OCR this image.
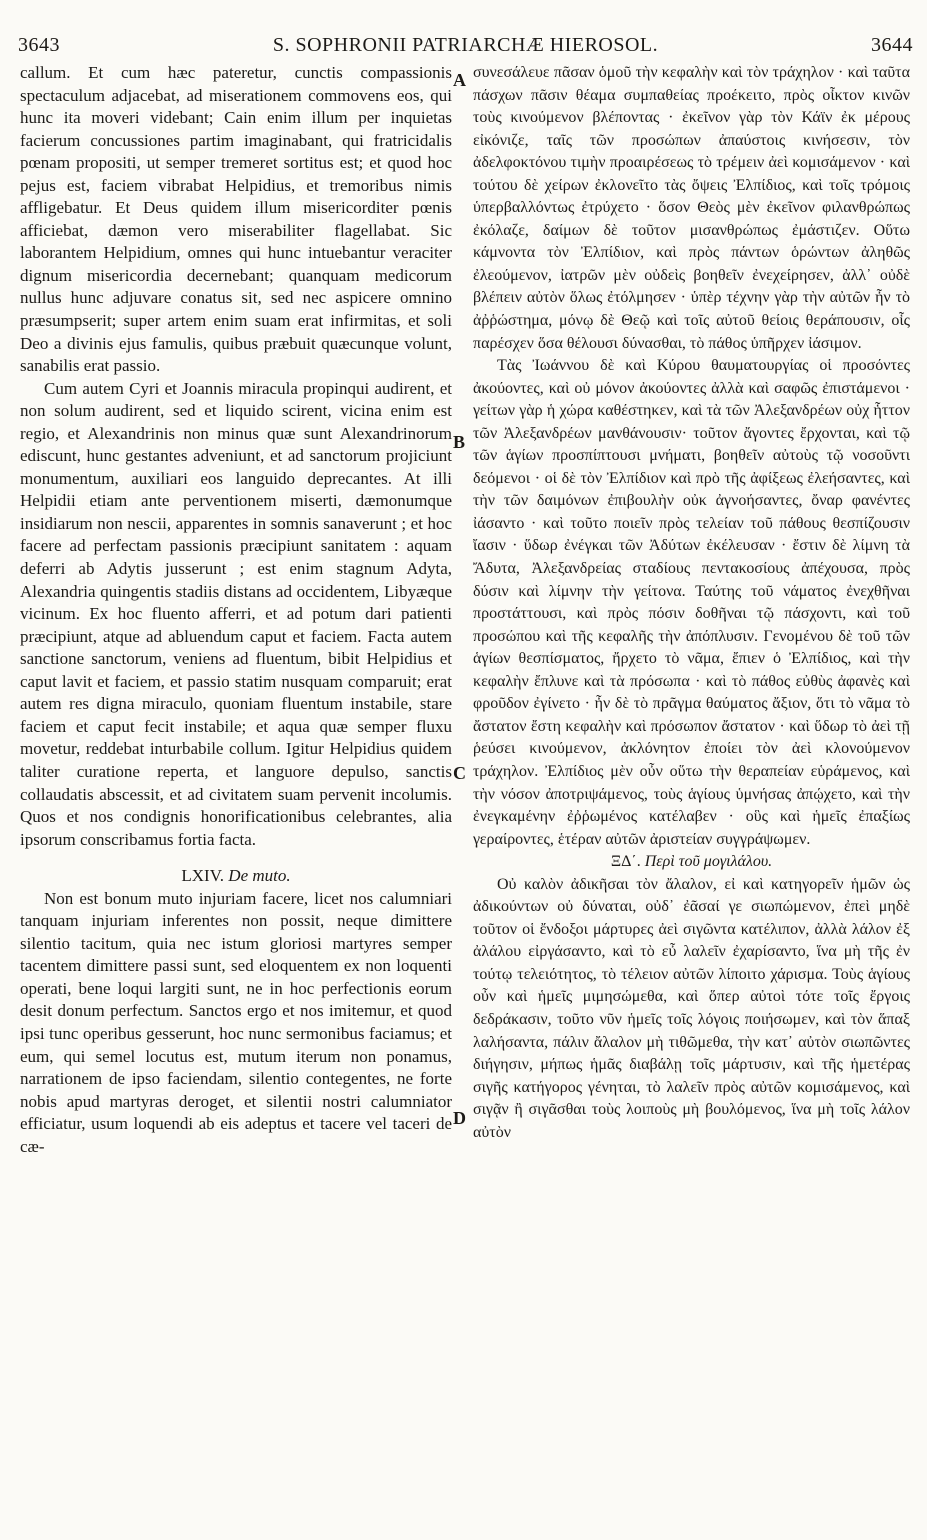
3643	S. SOPHRONII PATRIARCHÆ HIEROSOL.	3644

callum. Et cum hæc pateretur, cunctis compassionis spectaculum adjacebat, ad miserationem commovens eos, qui hunc ita moveri videbant; Cain enim illum per inquietas facierum concussiones partim imaginabant, qui fratricidalis pœnam propositi, ut semper tremeret sortitus est; et quod hoc pejus est, faciem vibrabat Helpidius, et tremoribus nimis affligebatur. Et Deus quidem illum misericorditer pœnis afficiebat, dæmon vero miserabiliter flagellabat. Sic laborantem Helpidium, omnes qui hunc intuebantur veraciter dignum misericordia decernebant; quanquam medicorum nullus hunc adjuvare conatus sit, sed nec aspicere omnino præsumpserit; super artem enim suam erat infirmitas, et soli Deo a divinis ejus famulis, quibus præbuit quæcunque volunt, sanabilis erat passio.

Cum autem Cyri et Joannis miracula propinqui audirent, et non solum audirent, sed et liquido scirent, vicina enim est regio, et Alexandrinis non minus quæ sunt Alexandrinorum ediscunt, hunc gestantes adveniunt, et ad sanctorum projiciunt monumentum, auxiliari eos languido deprecantes. At illi Helpidii etiam ante perventionem miserti, dæmonumque insidiarum non nescii, apparentes in somnis sanaverunt ; et hoc facere ad perfectam passionis præcipiunt sanitatem : aquam deferri ab Adytis jusserunt ; est enim stagnum Adyta, Alexandria quingentis stadiis distans ad occidentem, Libyæque vicinum. Ex hoc fluento afferri, et ad potum dari patienti præcipiunt, atque ad abluendum caput et faciem. Facta autem sanctione sanctorum, veniens ad fluentum, bibit Helpidius et caput lavit et faciem, et passio statim nusquam comparuit; erat autem res digna miraculo, quoniam fluentum instabile, stare faciem et caput fecit instabile; et aqua quæ semper fluxu movetur, reddebat inturbabile collum. Igitur Helpidius quidem taliter curatione reperta, et languore depulso, sanctis collaudatis abscessit, et ad civitatem suam pervenit incolumis. Quos et nos condignis honorificationibus celebrantes, alia ipsorum conscribamus fortia facta.

LXIV. De muto.

Non est bonum muto injuriam facere, licet nos calumniari tanquam injuriam inferentes non possit, neque dimittere silentio tacitum, quia nec istum gloriosi martyres semper tacentem dimittere passi sunt, sed eloquentem ex non loquenti operati, bene loqui largiti sunt, ne in hoc perfectionis eorum desit donum perfectum. Sanctos ergo et nos imitemur, et quod ipsi tunc operibus gesserunt, hoc nunc sermonibus faciamus; et eum, qui semel locutus est, mutum iterum non ponamus, narrationem de ipso faciendam, silentio contegentes, ne forte nobis apud martyras deroget, et silentii nostri calumniator efficiatur, usum loquendi ab eis adeptus et tacere vel taceri de cæ-

A
B
C
D

συνεσάλευε πᾶσαν ὁμοῦ τὴν κεφαλὴν καὶ τὸν τράχηλον · καὶ ταῦτα πάσχων πᾶσιν θέαμα συμπαθείας προέκειτο, πρὸς οἶκτον κινῶν τοὺς κινούμενον βλέποντας · ἐκεῖνον γὰρ τὸν Κάϊν ἐκ μέρους εἰκόνιζε, ταῖς τῶν προσώπων ἀπαύστοις κινήσεσιν, τὸν ἀδελφοκτόνου τιμὴν προαιρέσεως τὸ τρέμειν ἀεὶ κομισάμενον · καὶ τούτου δὲ χείρων ἐκλονεῖτο τὰς ὄψεις Ἐλπίδιος, καὶ τοῖς τρόμοις ὑπερβαλλόντως ἐτρύχετο · ὅσον Θεὸς μὲν ἐκεῖνον φιλανθρώπως ἐκόλαζε, δαίμων δὲ τοῦτον μισανθρώπως ἐμάστιζεν. Οὕτω κάμνοντα τὸν Ἐλπίδιον, καὶ πρὸς πάντων ὁρώντων ἀληθῶς ἐλεούμενον, ἰατρῶν μὲν οὐδεὶς βοηθεῖν ἐνεχείρησεν, ἀλλ᾽ οὐδὲ βλέπειν αὐτὸν ὅλως ἐτόλμησεν · ὑπὲρ τέχνην γὰρ τὴν αὐτῶν ἦν τὸ ἀῤῥώστημα, μόνῳ δὲ Θεῷ καὶ τοῖς αὐτοῦ θείοις θεράπουσιν, οἷς παρέσχεν ὅσα θέλουσι δύνασθαι, τὸ πάθος ὑπῆρχεν ἰάσιμον.

Τὰς Ἰωάννου δὲ καὶ Κύρου θαυματουργίας οἱ προσόντες ἀκούοντες, καὶ οὐ μόνον ἀκούοντες ἀλλὰ καὶ σαφῶς ἐπιστάμενοι · γείτων γὰρ ἡ χώρα καθέστηκεν, καὶ τὰ τῶν Ἀλεξανδρέων οὐχ ἧττον τῶν Ἀλεξανδρέων μανθάνουσιν· τοῦτον ἄγοντες ἔρχονται, καὶ τῷ τῶν ἁγίων προσπίπτουσι μνήματι, βοηθεῖν αὐτοὺς τῷ νοσοῦντι δεόμενοι · οἱ δὲ τὸν Ἐλπίδιον καὶ πρὸ τῆς ἀφίξεως ἐλεήσαντες, καὶ τὴν τῶν δαιμόνων ἐπιβουλὴν οὐκ ἀγνοήσαντες, ὄναρ φανέντες ἰάσαντο · καὶ τοῦτο ποιεῖν πρὸς τελείαν τοῦ πάθους θεσπίζουσιν ἴασιν · ὕδωρ ἐνέγκαι τῶν Ἀδύτων ἐκέλευσαν · ἔστιν δὲ λίμνη τὰ Ἄδυτα, Ἀλεξανδρείας σταδίους πεντακοσίους ἀπέχουσα, πρὸς δύσιν καὶ λίμνην τὴν γείτονα. Ταύτης τοῦ νάματος ἐνεχθῆναι προστάττουσι, καὶ πρὸς πόσιν δοθῆναι τῷ πάσχοντι, καὶ τοῦ προσώπου καὶ τῆς κεφαλῆς τὴν ἀπόπλυσιν. Γενομένου δὲ τοῦ τῶν ἁγίων θεσπίσματος, ἤρχετο τὸ νᾶμα, ἔπιεν ὁ Ἐλπίδιος, καὶ τὴν κεφαλὴν ἔπλυνε καὶ τὰ πρόσωπα · καὶ τὸ πάθος εὐθὺς ἀφανὲς καὶ φροῦδον ἐγίνετο · ἦν δὲ τὸ πρᾶγμα θαύματος ἄξιον, ὅτι τὸ νᾶμα τὸ ἄστατον ἔστη κεφαλὴν καὶ πρόσωπον ἄστατον · καὶ ὕδωρ τὸ ἀεὶ τῇ ῥεύσει κινούμενον, ἀκλόνητον ἐποίει τὸν ἀεὶ κλονούμενον τράχηλον. Ἐλπίδιος μὲν οὖν οὕτω τὴν θεραπείαν εὑράμενος, καὶ τὴν νόσον ἀποτριψάμενος, τοὺς ἁγίους ὑμνήσας ἀπῴχετο, καὶ τὴν ἐνεγκαμένην ἐῤῥωμένος κατέλαβεν · οὓς καὶ ἡμεῖς ἐπαξίως γεραίροντες, ἑτέραν αὐτῶν ἀριστείαν συγγράψωμεν.

ΞΔ΄. Περὶ τοῦ μογιλάλου.

Οὐ καλὸν ἀδικῆσαι τὸν ἄλαλον, εἰ καὶ κατηγορεῖν ἡμῶν ὡς ἀδικούντων οὐ δύναται, οὐδ᾽ ἐᾶσαί γε σιωπώμενον, ἐπεὶ μηδὲ τοῦτον οἱ ἔνδοξοι μάρτυρες ἀεὶ σιγῶντα κατέλιπον, ἀλλὰ λάλον ἐξ ἀλάλου εἰργάσαντο, καὶ τὸ εὖ λαλεῖν ἐχαρίσαντο, ἵνα μὴ τῆς ἐν τούτῳ τελειότητος, τὸ τέλειον αὐτῶν λίποιτο χάρισμα. Τοὺς ἁγίους οὖν καὶ ἡμεῖς μιμησώμεθα, καὶ ὅπερ αὐτοὶ τότε τοῖς ἔργοις δεδράκασιν, τοῦτο νῦν ἡμεῖς τοῖς λόγοις ποιήσωμεν, καὶ τὸν ἅπαξ λαλήσαντα, πάλιν ἄλαλον μὴ τιθῶμεθα, τὴν κατ᾽ αὐτὸν σιωπῶντες διήγησιν, μήπως ἡμᾶς διαβάλῃ τοῖς μάρτυσιν, καὶ τῆς ἡμετέρας σιγῆς κατήγορος γένηται, τὸ λαλεῖν πρὸς αὐτῶν κομισάμενος, καὶ σιγᾷν ἢ σιγᾶσθαι τοὺς λοιποὺς μὴ βουλόμενος, ἵνα μὴ τοῖς λάλον αὐτὸν
